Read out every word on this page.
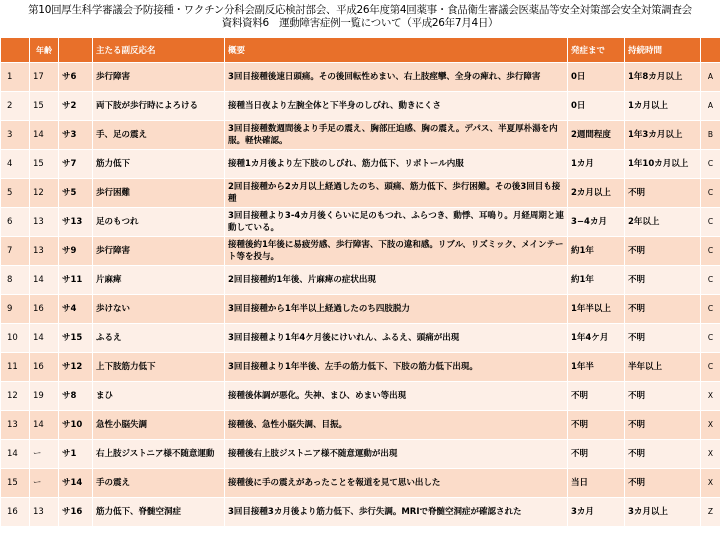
第10回厚生科学審議会予防接種・ワクチン分科会副反応検討部会、平成26年度第4回薬事・食品衛生審議会医薬品等安全対策部会安全対策調査会
資料資料6　運動障害症例一覧について（平成26年7月4日）
	年齢		主たる副反応名	概要	発症まで	持続時間	
1	17	サ6	歩行障害	3回目接種後速日頭痛。その後回転性めまい、右上肢痙攣、全身の痺れ、歩行障害	0日	1年8カ月以上	A
2	15	サ2	両下肢が歩行時によろける	接種当日夜より左腕全体と下半身のしびれ、動きにくさ	0日	1カ月以上	A
3	14	サ3	手、足の震え	3回目接種数週間後より手足の震え、胸部圧迫感、胸の震え。デパス、半夏厚朴湯を内服。軽快確認。	2週間程度	1年3カ月以上	B
4	15	サ7	筋力低下	接種1カ月後より左下肢のしびれ、筋力低下、リボトール内服	1カ月	1年10カ月以上	C
5	12	サ5	歩行困難	2回目接種から2カ月以上経過したのち、頭痛、筋力低下、歩行困難。その後3回目も接種	2カ月以上	不明	C
6	13	サ13	足のもつれ	3回目接種より3-4カ月後くらいに足のもつれ、ふらつき、動悸、耳鳴り。月経周期と連動している。	3−4カ月	2年以上	C
7	13	サ9	歩行障害	接種後約1年後に易疲労感、歩行障害、下肢の違和感。リブル、リズミック、メインテート等を投与。	約1年	不明	C
8	14	サ11	片麻痺	2回目接種約1年後、片麻痺の症状出現	約1年	不明	C
9	16	サ4	歩けない	3回目接種から1年半以上経過したのち四肢脱力	1年半以上	不明	C
10	14	サ15	ふるえ	3回目接種より1年4ケ月後にけいれん、ふるえ、頭痛が出現	1年4ケ月	不明	C
11	16	サ12	上下肢筋力低下	3回目接種より1年半後、左手の筋力低下、下肢の筋力低下出現。	1年半	半年以上	C
12	19	サ8	まひ	接種後体調が悪化。失神、まひ、めまい等出現	不明	不明	X
13	14	サ10	急性小脳失調	接種後、急性小脳失調、目振。	不明	不明	X
14	ー	サ1	右上肢ジストニア様不随意運動	接種後右上肢ジストニア様不随意運動が出現	不明	不明	X
15	ー	サ14	手の震え	接種後に手の震えがあったことを報道を見て思い出した	当日	不明	X
16	13	サ16	筋力低下、脊髄空洞症	3回目接種3カ月後より筋力低下、歩行失調。MRIで脊髄空洞症が確認された	3カ月	3カ月以上	Z
